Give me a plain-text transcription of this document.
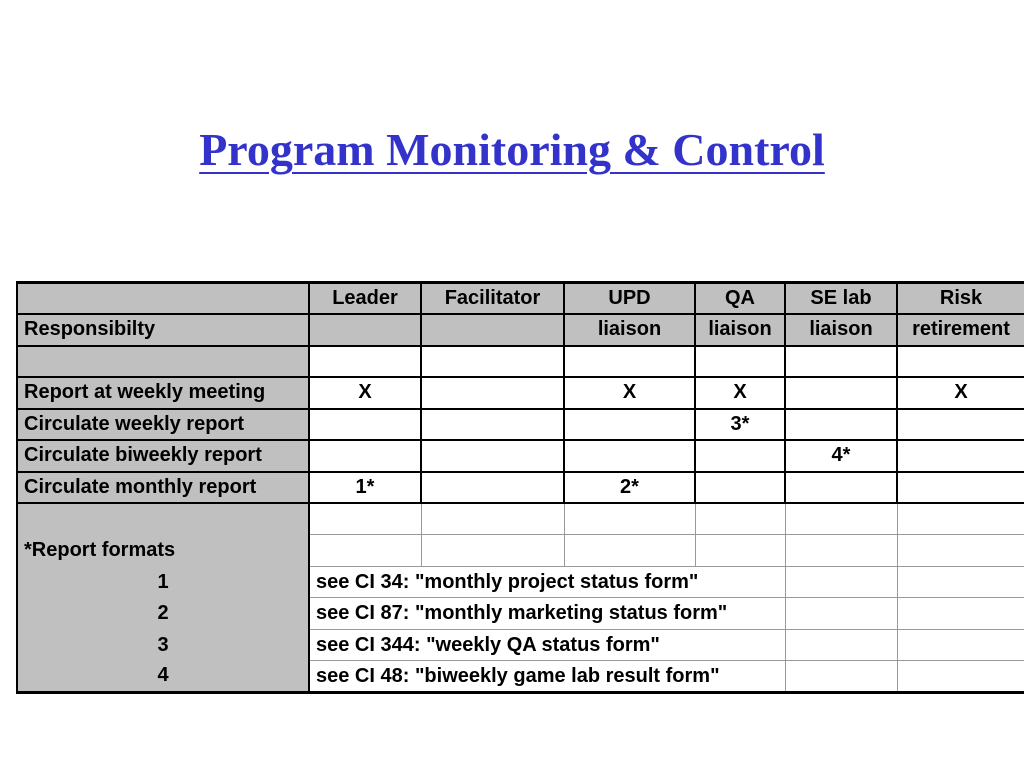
Program Monitoring & Control
	Leader	Facilitator	UPD	QA	SE lab	Risk
Responsibilty			liaison	liaison	liaison	retirement

Report at weekly meeting	X		X	X		X
Circulate weekly report				3*		
Circulate biweekly report					4*	
Circulate monthly report	1*		2*			

*Report formats						
1	see CI 34: "monthly project status form"					
2	see CI 87: "monthly marketing status form"					
3	see CI 344: "weekly QA status form"					
4	see CI 48: "biweekly game lab result form"					
